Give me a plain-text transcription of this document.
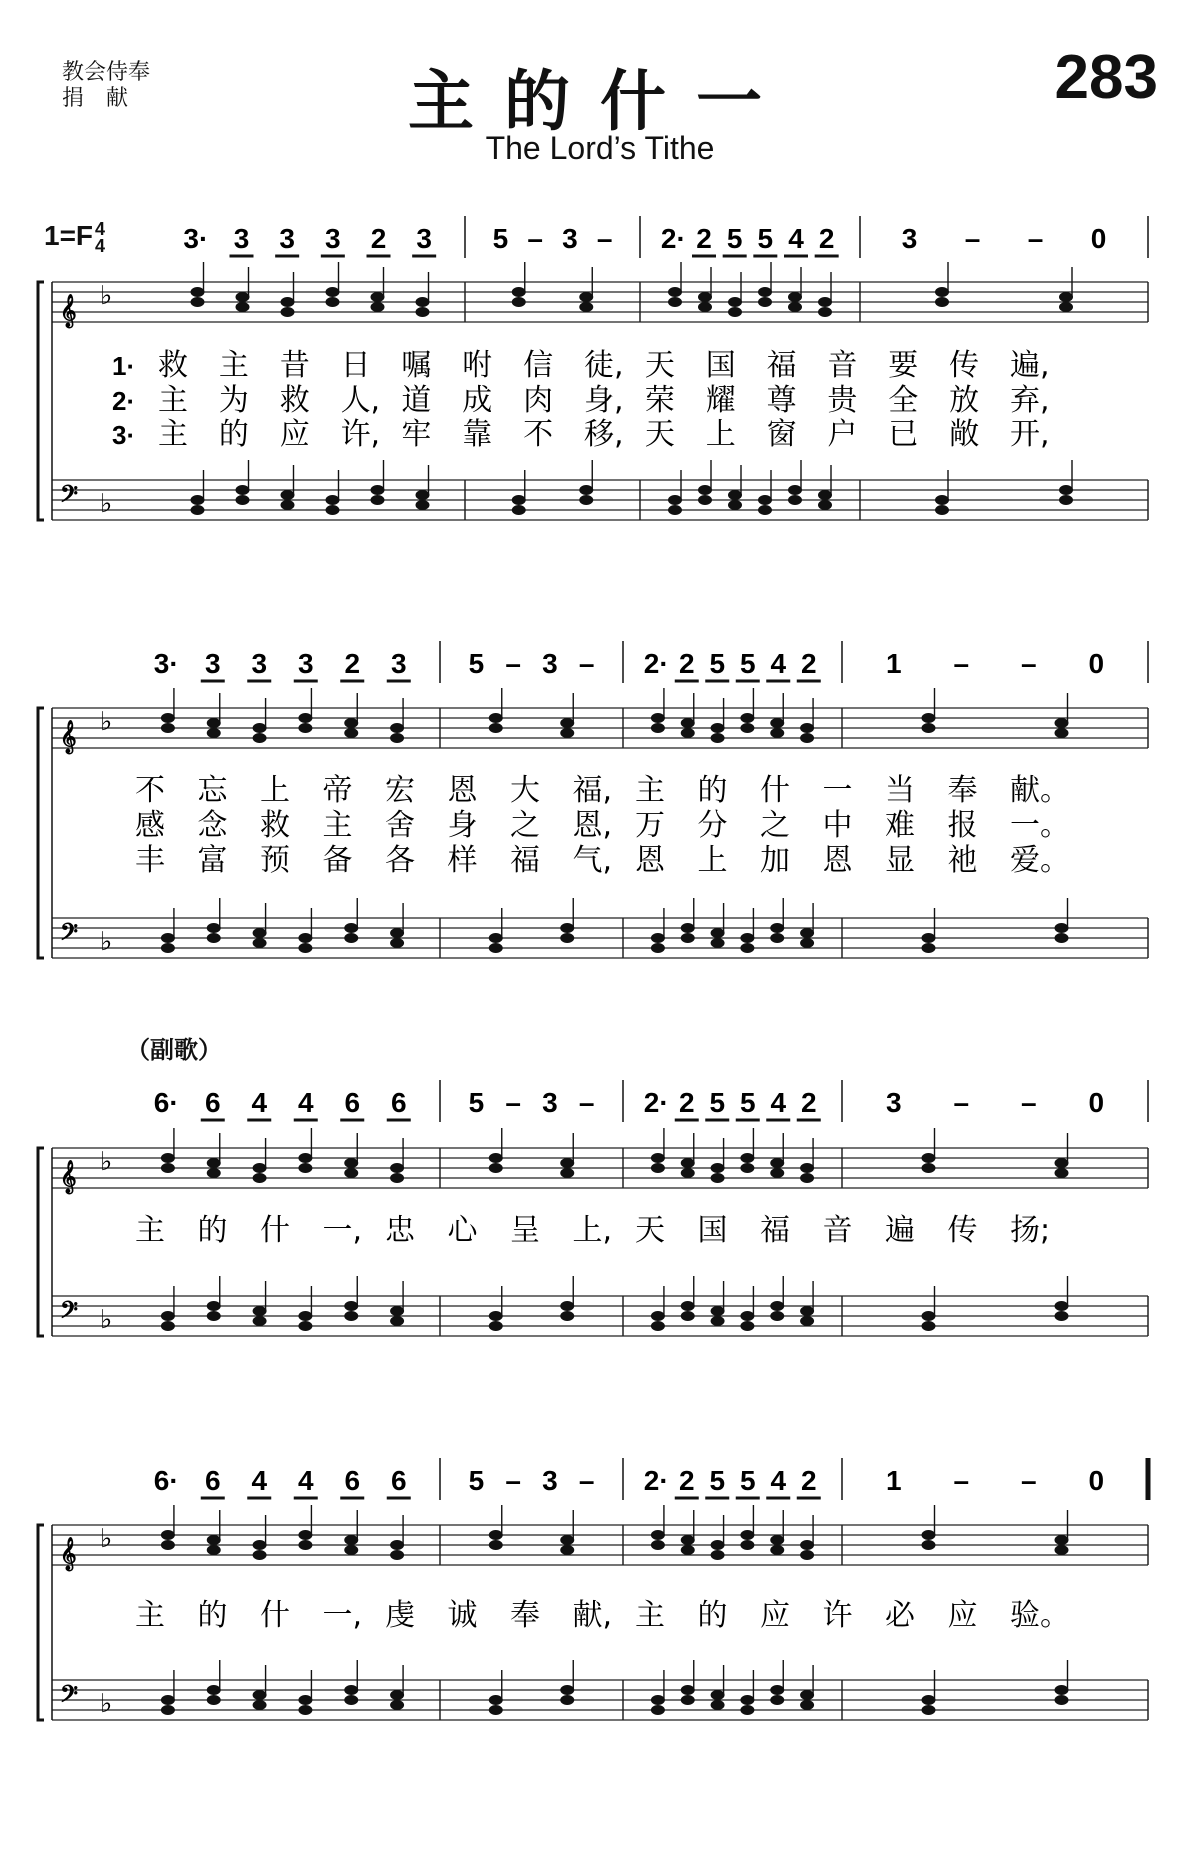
教会侍奉
捐　献	主的什一
The Lord’s Tithe
283
1=F 4
4
（副歌）
3· 3 3 3 2 3 5 – 3 – 2· 2 5 5 4 2 3 – – 0
𝄞 ♭
𝄢 ♭
1· 救 主 昔 日 嘱 咐 信 徒, 天 国 福 音 要 传 遍,
2· 主 为 救 人, 道 成 肉 身, 荣 耀 尊 贵 全 放 弃,
3· 主 的 应 许, 牢 靠 不 移, 天 上 窗 户 已 敞 开,
3· 3 3 3 2 3 5 – 3 – 2· 2 5 5 4 2 1 – – 0
𝄞 ♭
𝄢 ♭
不 忘 上 帝 宏 恩 大 福, 主 的 什 一 当 奉 献。
感 念 救 主 舍 身 之 恩, 万 分 之 中 难 报 一。
丰 富 预 备 各 样 福 气, 恩 上 加 恩 显 祂 爱。
6· 6 4 4 6 6 5 – 3 – 2· 2 5 5 4 2 3 – – 0
𝄞 ♭
𝄢 ♭
主 的 什 一, 忠 心 呈 上, 天 国 福 音 遍 传 扬;
6· 6 4 4 6 6 5 – 3 – 2· 2 5 5 4 2 1 – – 0
𝄞 ♭
𝄢 ♭
主 的 什 一, 虔 诚 奉 献, 主 的 应 许 必 应 验。
